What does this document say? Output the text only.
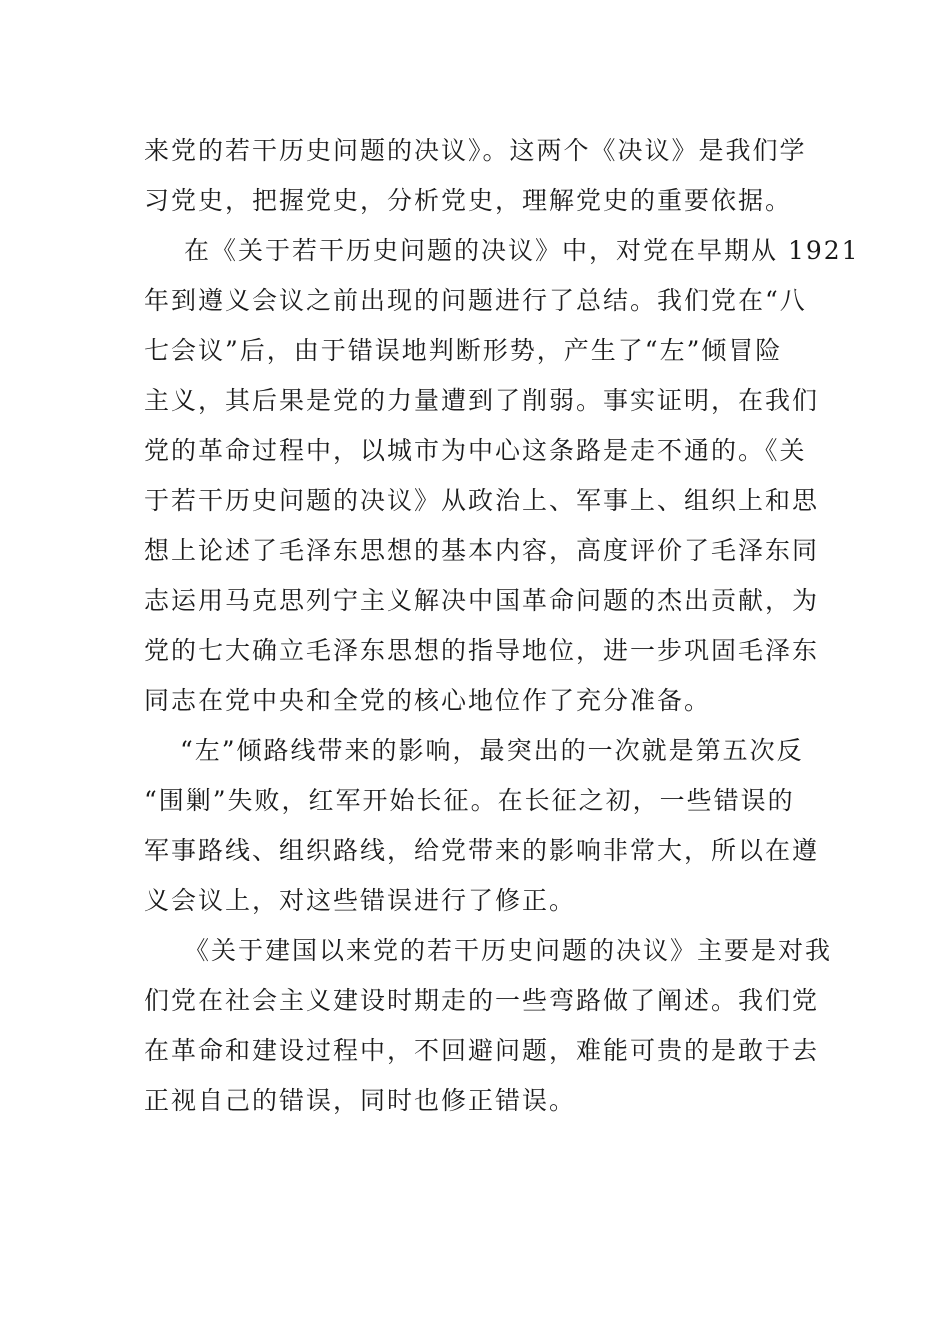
来党的若干历史问题的决议》。这两个《决议》是我们学
习党史，把握党史，分析党史，理解党史的重要依据。
在《关于若干历史问题的决议》中，对党在早期从 1921
年到遵义会议之前出现的问题进行了总结。我们党在“八
七会议”后，由于错误地判断形势，产生了“左”倾冒险
主义，其后果是党的力量遭到了削弱。事实证明，在我们
党的革命过程中，以城市为中心这条路是走不通的。《关
于若干历史问题的决议》从政治上、军事上、组织上和思
想上论述了毛泽东思想的基本内容，高度评价了毛泽东同
志运用马克思列宁主义解决中国革命问题的杰出贡献，为
党的七大确立毛泽东思想的指导地位，进一步巩固毛泽东
同志在党中央和全党的核心地位作了充分准备。
“左”倾路线带来的影响，最突出的一次就是第五次反
“围剿”失败，红军开始长征。在长征之初，一些错误的
军事路线、组织路线，给党带来的影响非常大，所以在遵
义会议上，对这些错误进行了修正。
《关于建国以来党的若干历史问题的决议》主要是对我
们党在社会主义建设时期走的一些弯路做了阐述。我们党
在革命和建设过程中，不回避问题，难能可贵的是敢于去
正视自己的错误，同时也修正错误。
